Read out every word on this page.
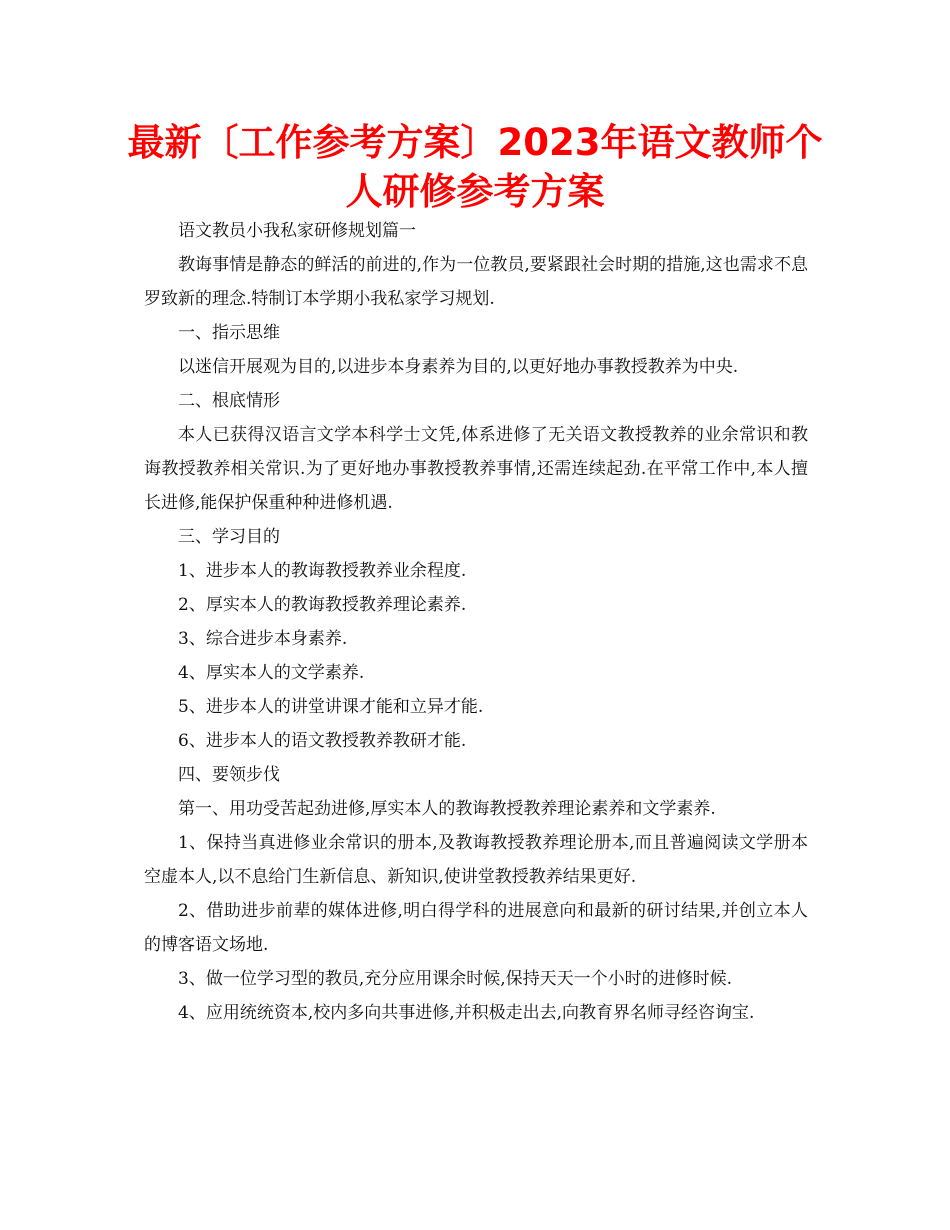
最新〔工作参考方案〕2023年语文教师个人研修参考方案

语文教员小我私家研修规划篇一

教诲事情是静态的鲜活的前进的,作为一位教员,要紧跟社会时期的措施,这也需求不息罗致新的理念.特制订本学期小我私家学习规划.

一、指示思维

以迷信开展观为目的,以进步本身素养为目的,以更好地办事教授教养为中央.

二、根底情形

本人已获得汉语言文学本科学士文凭,体系进修了无关语文教授教养的业余常识和教诲教授教养相关常识.为了更好地办事教授教养事情,还需连续起劲.在平常工作中,本人擅长进修,能保护保重种种进修机遇.

三、学习目的

1、进步本人的教诲教授教养业余程度.

2、厚实本人的教诲教授教养理论素养.

3、综合进步本身素养.

4、厚实本人的文学素养.

5、进步本人的讲堂讲课才能和立异才能.

6、进步本人的语文教授教养教研才能.

四、要领步伐

第一、用功受苦起劲进修,厚实本人的教诲教授教养理论素养和文学素养.

1、保持当真进修业余常识的册本,及教诲教授教养理论册本,而且普遍阅读文学册本空虚本人,以不息给门生新信息、新知识,使讲堂教授教养结果更好.

2、借助进步前辈的媒体进修,明白得学科的进展意向和最新的研讨结果,并创立本人的博客语文场地.

3、做一位学习型的教员,充分应用课余时候,保持天天一个小时的进修时候.

4、应用统统资本,校内多向共事进修,并积极走出去,向教育界名师寻经咨询宝.
